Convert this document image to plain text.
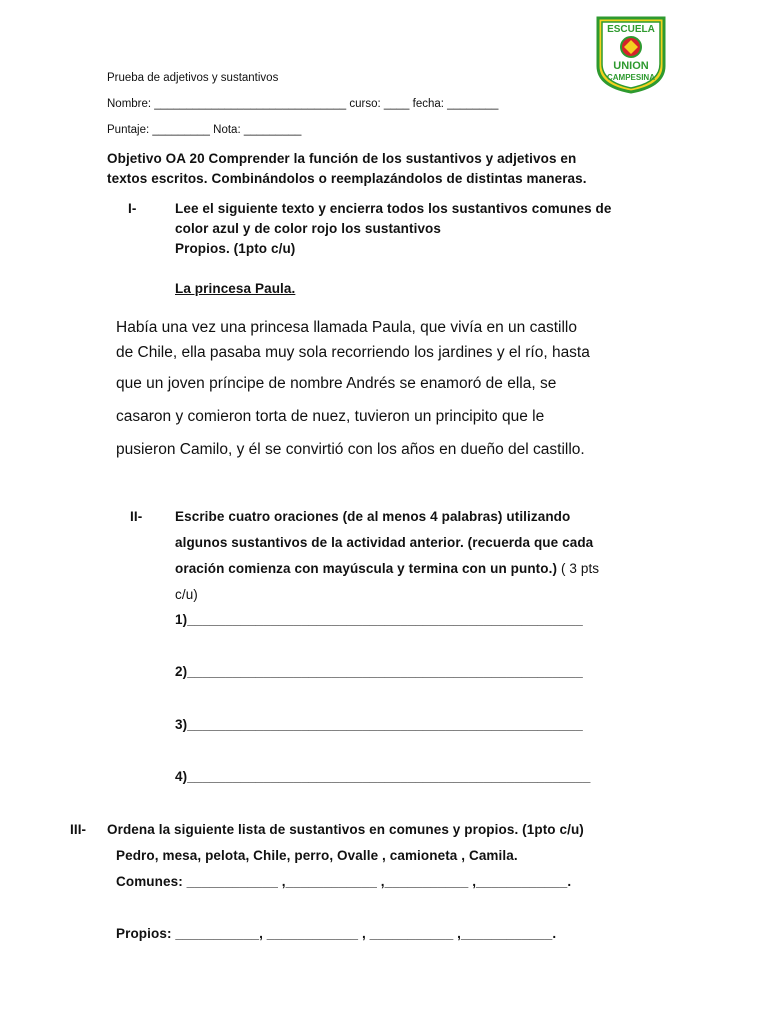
ESCUELA
UNION
CAMPESINA
Prueba de adjetivos y sustantivos
Nombre: ______________________________ curso: ____ fecha: ________
Puntaje: _________ Nota: _________
Objetivo OA 20 Comprender la función de los sustantivos y adjetivos en
textos escritos. Combinándolos o reemplazándolos de distintas maneras.
I-	Lee el siguiente texto y encierra todos los sustantivos comunes de
color azul y de color rojo los sustantivos
Propios. (1pto c/u)
La princesa Paula.
Había una vez una princesa llamada Paula, que vivía en un castillo
de Chile, ella pasaba muy sola recorriendo los jardines y el río, hasta
que un joven príncipe de nombre Andrés se enamoró de ella, se
casaron y comieron torta de nuez, tuvieron un principito que le
pusieron Camilo, y él se convirtió con los años en dueño del castillo.
II- Escribe cuatro oraciones (de al menos 4 palabras) utilizando
algunos sustantivos de la actividad anterior. (recuerda que cada
oración comienza con mayúscula y termina con un punto.) ( 3 pts
c/u)
1)____________________________________________________
2)____________________________________________________
3)____________________________________________________
4)_____________________________________________________
III- Ordena la siguiente lista de sustantivos en comunes y propios. (1pto c/u)
Pedro, mesa, pelota, Chile, perro, Ovalle , camioneta , Camila.
Comunes: ____________ ,____________ ,___________ ,____________.
Propios: ___________, ____________ , ___________ ,____________.
